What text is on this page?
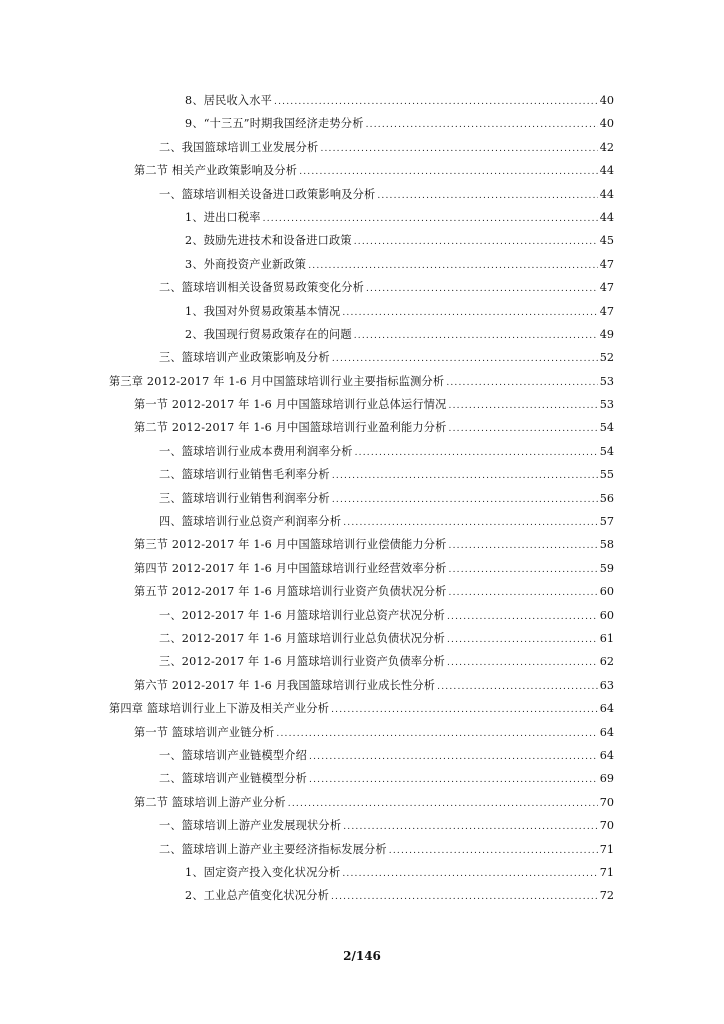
8、居民收入水平 .....	40
9、“十三五”时期我国经济走势分析 .....	40
二、我国篮球培训工业发展分析 .....	42
第二节 相关产业政策影响及分析 .....	44
一、篮球培训相关设备进口政策影响及分析 .....	44
1、进出口税率 .....	44
2、鼓励先进技术和设备进口政策 .....	45
3、外商投资产业新政策 .....	47
二、篮球培训相关设备贸易政策变化分析 .....	47
1、我国对外贸易政策基本情况 .....	47
2、我国现行贸易政策存在的问题 .....	49
三、篮球培训产业政策影响及分析 .....	52
第三章 2012-2017 年 1-6 月中国篮球培训行业主要指标监测分析 .....	53
第一节 2012-2017 年 1-6 月中国篮球培训行业总体运行情况 .....	53
第二节 2012-2017 年 1-6 月中国篮球培训行业盈利能力分析 .....	54
一、篮球培训行业成本费用利润率分析 .....	54
二、篮球培训行业销售毛利率分析 .....	55
三、篮球培训行业销售利润率分析 .....	56
四、篮球培训行业总资产利润率分析 .....	57
第三节 2012-2017 年 1-6 月中国篮球培训行业偿债能力分析 .....	58
第四节 2012-2017 年 1-6 月中国篮球培训行业经营效率分析 .....	59
第五节 2012-2017 年 1-6 月篮球培训行业资产负债状况分析 .....	60
一、2012-2017 年 1-6 月篮球培训行业总资产状况分析 .....	60
二、2012-2017 年 1-6 月篮球培训行业总负债状况分析 .....	61
三、2012-2017 年 1-6 月篮球培训行业资产负债率分析 .....	62
第六节 2012-2017 年 1-6 月我国篮球培训行业成长性分析 .....	63
第四章 篮球培训行业上下游及相关产业分析 .....	64
第一节 篮球培训产业链分析 .....	64
一、篮球培训产业链模型介绍 .....	64
二、篮球培训产业链模型分析 .....	69
第二节 篮球培训上游产业分析 .....	70
一、篮球培训上游产业发展现状分析 .....	70
二、篮球培训上游产业主要经济指标发展分析 .....	71
1、固定资产投入变化状况分析 .....	71
2、工业总产值变化状况分析 .....	72
2/146
